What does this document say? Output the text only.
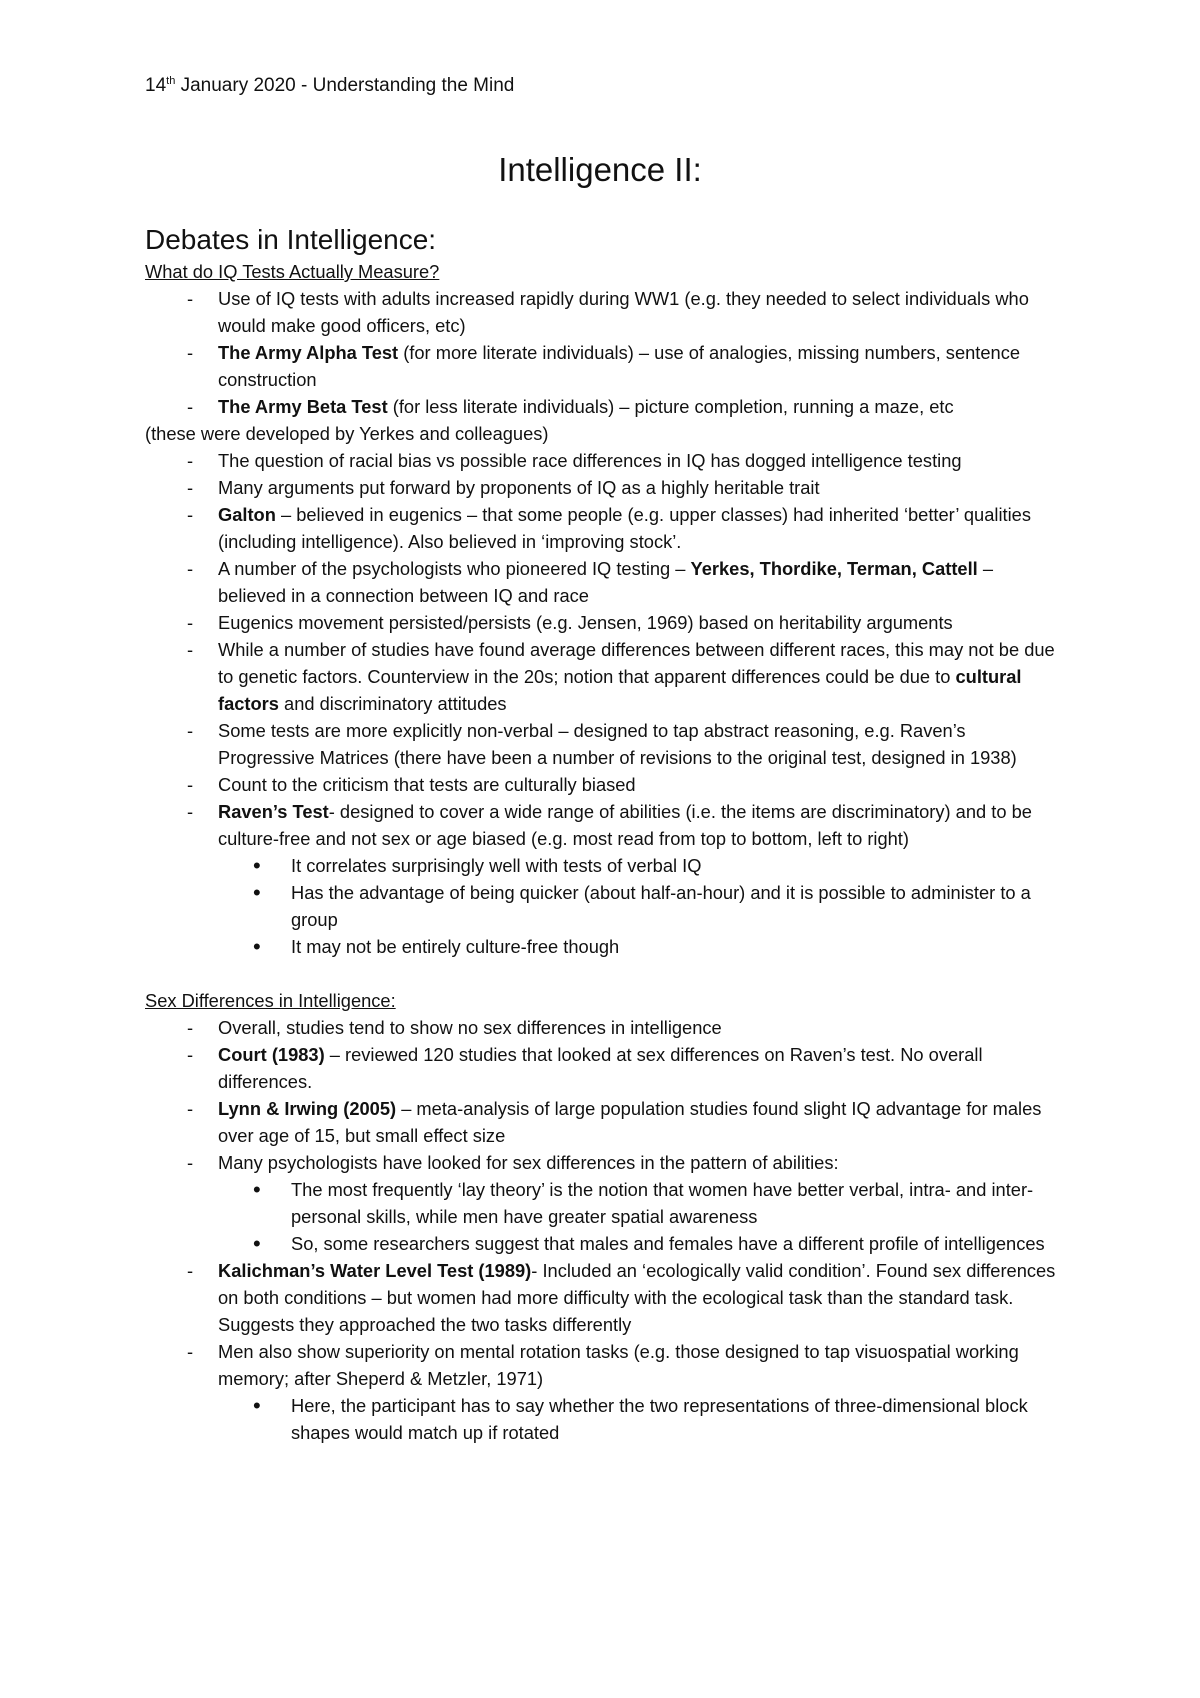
14th January 2020 - Understanding the Mind
Intelligence II:

Debates in Intelligence:

What do IQ Tests Actually Measure?

- Use of IQ tests with adults increased rapidly during WW1 (e.g. they needed to select individuals who would make good officers, etc)
- The Army Alpha Test (for more literate individuals) – use of analogies, missing numbers, sentence construction
- The Army Beta Test (for less literate individuals) – picture completion, running a maze, etc

(these were developed by Yerkes and colleagues)

- The question of racial bias vs possible race differences in IQ has dogged intelligence testing
- Many arguments put forward by proponents of IQ as a highly heritable trait
- Galton – believed in eugenics – that some people (e.g. upper classes) had inherited ‘better’ qualities (including intelligence). Also believed in ‘improving stock’.
- A number of the psychologists who pioneered IQ testing – Yerkes, Thordike, Terman, Cattell – believed in a connection between IQ and race
- Eugenics movement persisted/persists (e.g. Jensen, 1969) based on heritability arguments
- While a number of studies have found average differences between different races, this may not be due to genetic factors. Counterview in the 20s; notion that apparent differences could be due to cultural factors and discriminatory attitudes
- Some tests are more explicitly non-verbal – designed to tap abstract reasoning, e.g. Raven’s Progressive Matrices (there have been a number of revisions to the original test, designed in 1938)
- Count to the criticism that tests are culturally biased
- Raven’s Test- designed to cover a wide range of abilities (i.e. the items are discriminatory) and to be culture-free and not sex or age biased (e.g. most read from top to bottom, left to right)
• It correlates surprisingly well with tests of verbal IQ
• Has the advantage of being quicker (about half-an-hour) and it is possible to administer to a group
• It may not be entirely culture-free though

Sex Differences in Intelligence:

- Overall, studies tend to show no sex differences in intelligence
- Court (1983) – reviewed 120 studies that looked at sex differences on Raven’s test. No overall differences.
- Lynn & Irwing (2005) – meta-analysis of large population studies found slight IQ advantage for males over age of 15, but small effect size
- Many psychologists have looked for sex differences in the pattern of abilities:
• The most frequently ‘lay theory’ is the notion that women have better verbal, intra- and inter-personal skills, while men have greater spatial awareness
• So, some researchers suggest that males and females have a different profile of intelligences
- Kalichman’s Water Level Test (1989)- Included an ‘ecologically valid condition’. Found sex differences on both conditions – but women had more difficulty with the ecological task than the standard task. Suggests they approached the two tasks differently
- Men also show superiority on mental rotation tasks (e.g. those designed to tap visuospatial working memory; after Sheperd & Metzler, 1971)
• Here, the participant has to say whether the two representations of three-dimensional block shapes would match up if rotated
